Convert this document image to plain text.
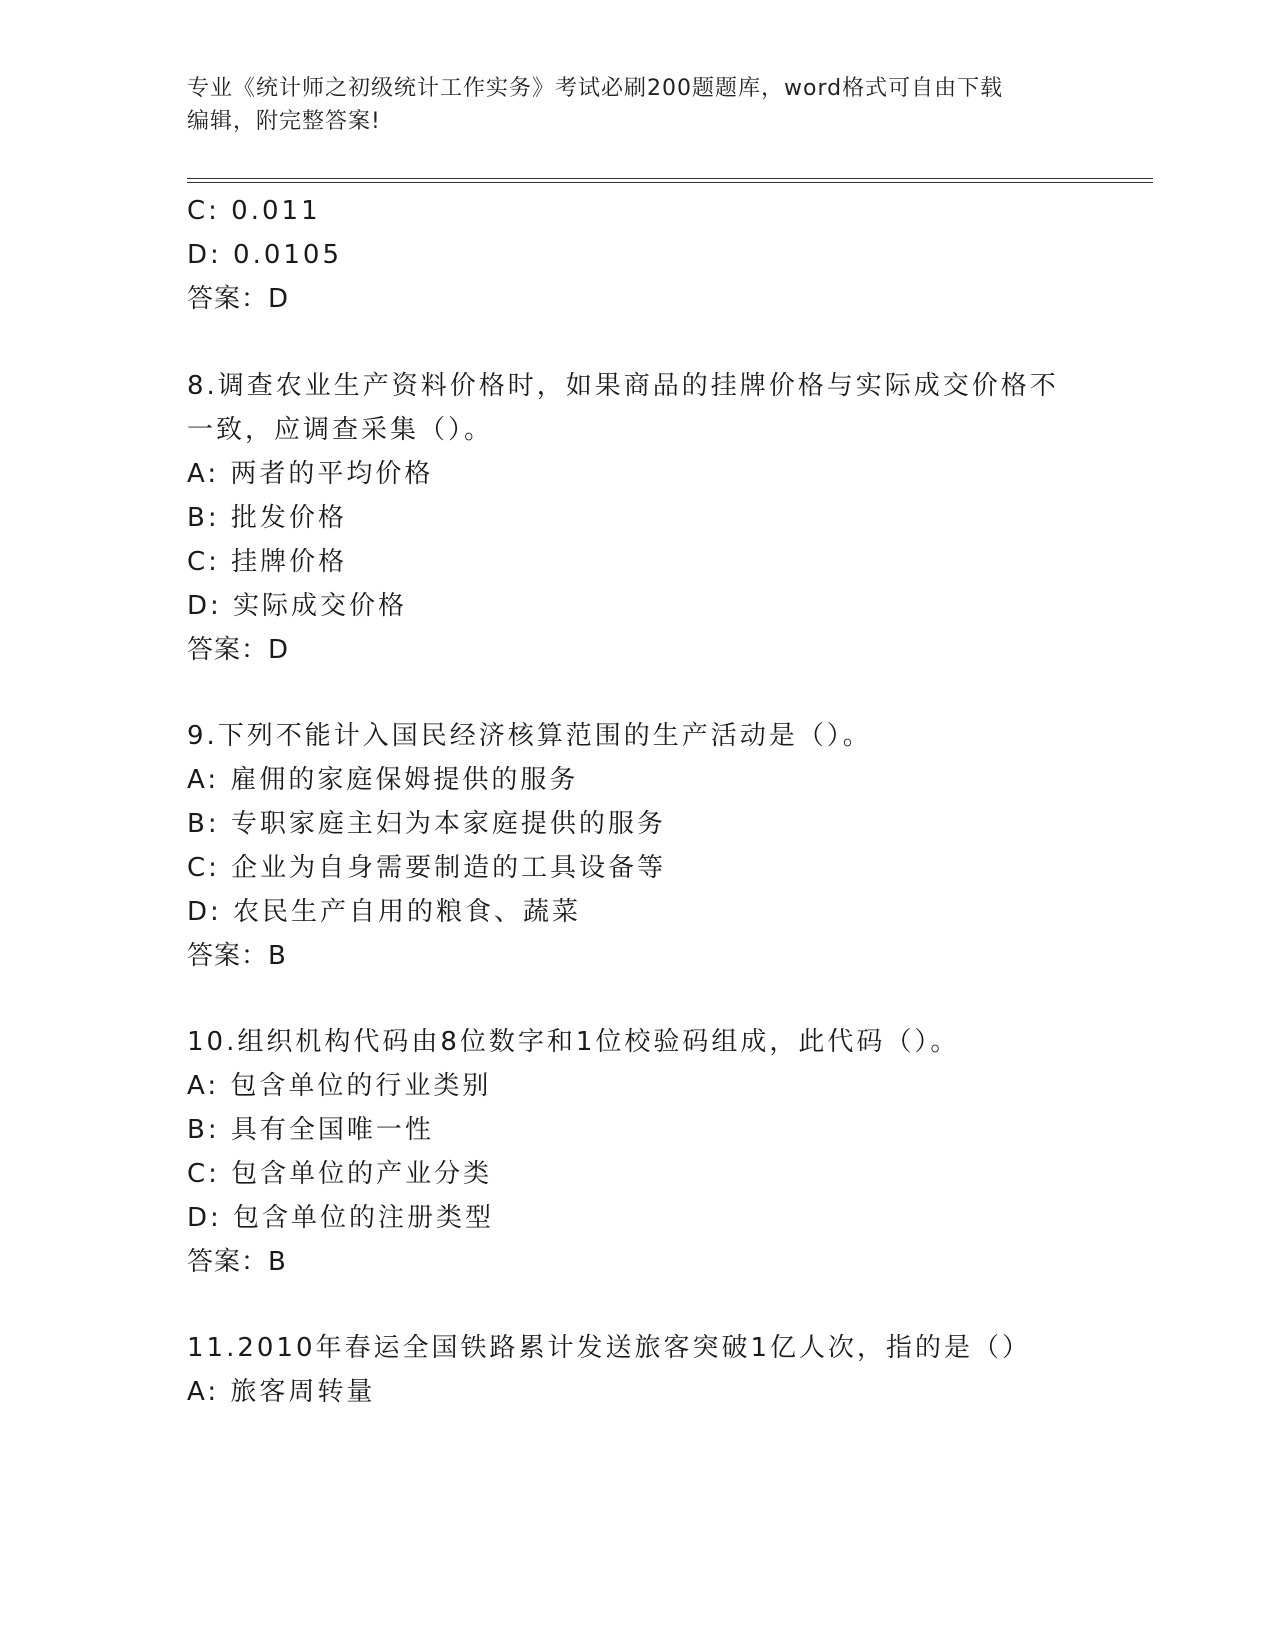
专业《统计师之初级统计工作实务》考试必刷200题题库，word格式可自由下载
编辑，附完整答案!
C: 0.011
D: 0.0105
答案：D
8.调查农业生产资料价格时，如果商品的挂牌价格与实际成交价格不
一致，应调查采集（）。
A: 两者的平均价格
B: 批发价格
C: 挂牌价格
D: 实际成交价格
答案：D
9.下列不能计入国民经济核算范围的生产活动是（）。
A: 雇佣的家庭保姆提供的服务
B: 专职家庭主妇为本家庭提供的服务
C: 企业为自身需要制造的工具设备等
D: 农民生产自用的粮食、蔬菜
答案：B
10.组织机构代码由8位数字和1位校验码组成，此代码（）。
A: 包含单位的行业类别
B: 具有全国唯一性
C: 包含单位的产业分类
D: 包含单位的注册类型
答案：B
11.2010年春运全国铁路累计发送旅客突破1亿人次，指的是（）
A: 旅客周转量
